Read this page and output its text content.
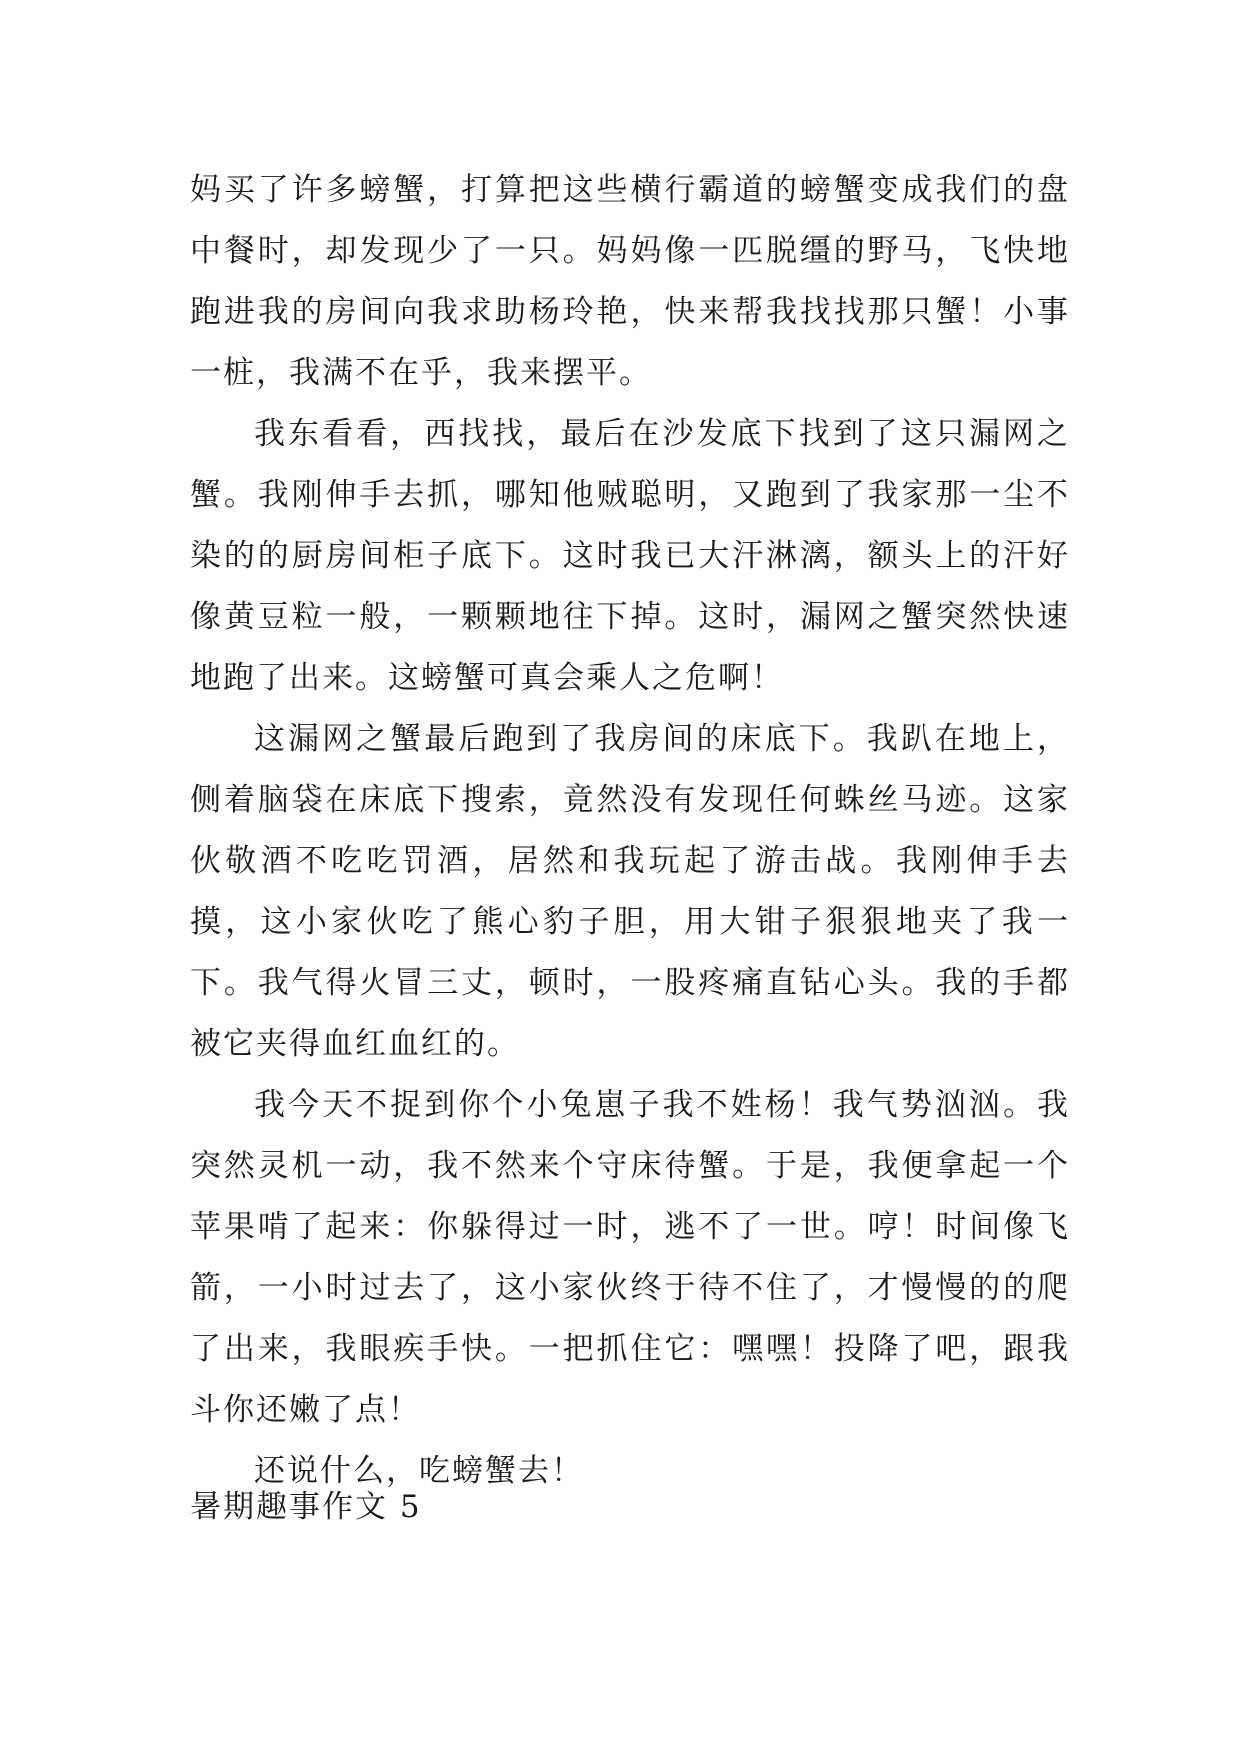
妈买了许多螃蟹，打算把这些横行霸道的螃蟹变成我们的盘中餐时，却发现少了一只。妈妈像一匹脱缰的野马，飞快地跑进我的房间向我求助杨玲艳，快来帮我找找那只蟹！小事一桩，我满不在乎，我来摆平。

我东看看，西找找，最后在沙发底下找到了这只漏网之蟹。我刚伸手去抓，哪知他贼聪明，又跑到了我家那一尘不染的的厨房间柜子底下。这时我已大汗淋漓，额头上的汗好像黄豆粒一般，一颗颗地往下掉。这时，漏网之蟹突然快速地跑了出来。这螃蟹可真会乘人之危啊！

这漏网之蟹最后跑到了我房间的床底下。我趴在地上，侧着脑袋在床底下搜索，竟然没有发现任何蛛丝马迹。这家伙敬酒不吃吃罚酒，居然和我玩起了游击战。我刚伸手去摸，这小家伙吃了熊心豹子胆，用大钳子狠狠地夹了我一下。我气得火冒三丈，顿时，一股疼痛直钻心头。我的手都被它夹得血红血红的。

我今天不捉到你个小兔崽子我不姓杨！我气势汹汹。我突然灵机一动，我不然来个守床待蟹。于是，我便拿起一个苹果啃了起来：你躲得过一时，逃不了一世。哼！时间像飞箭，一小时过去了，这小家伙终于待不住了，才慢慢的的爬了出来，我眼疾手快。一把抓住它：嘿嘿！投降了吧，跟我斗你还嫩了点！

还说什么，吃螃蟹去！

暑期趣事作文 5
